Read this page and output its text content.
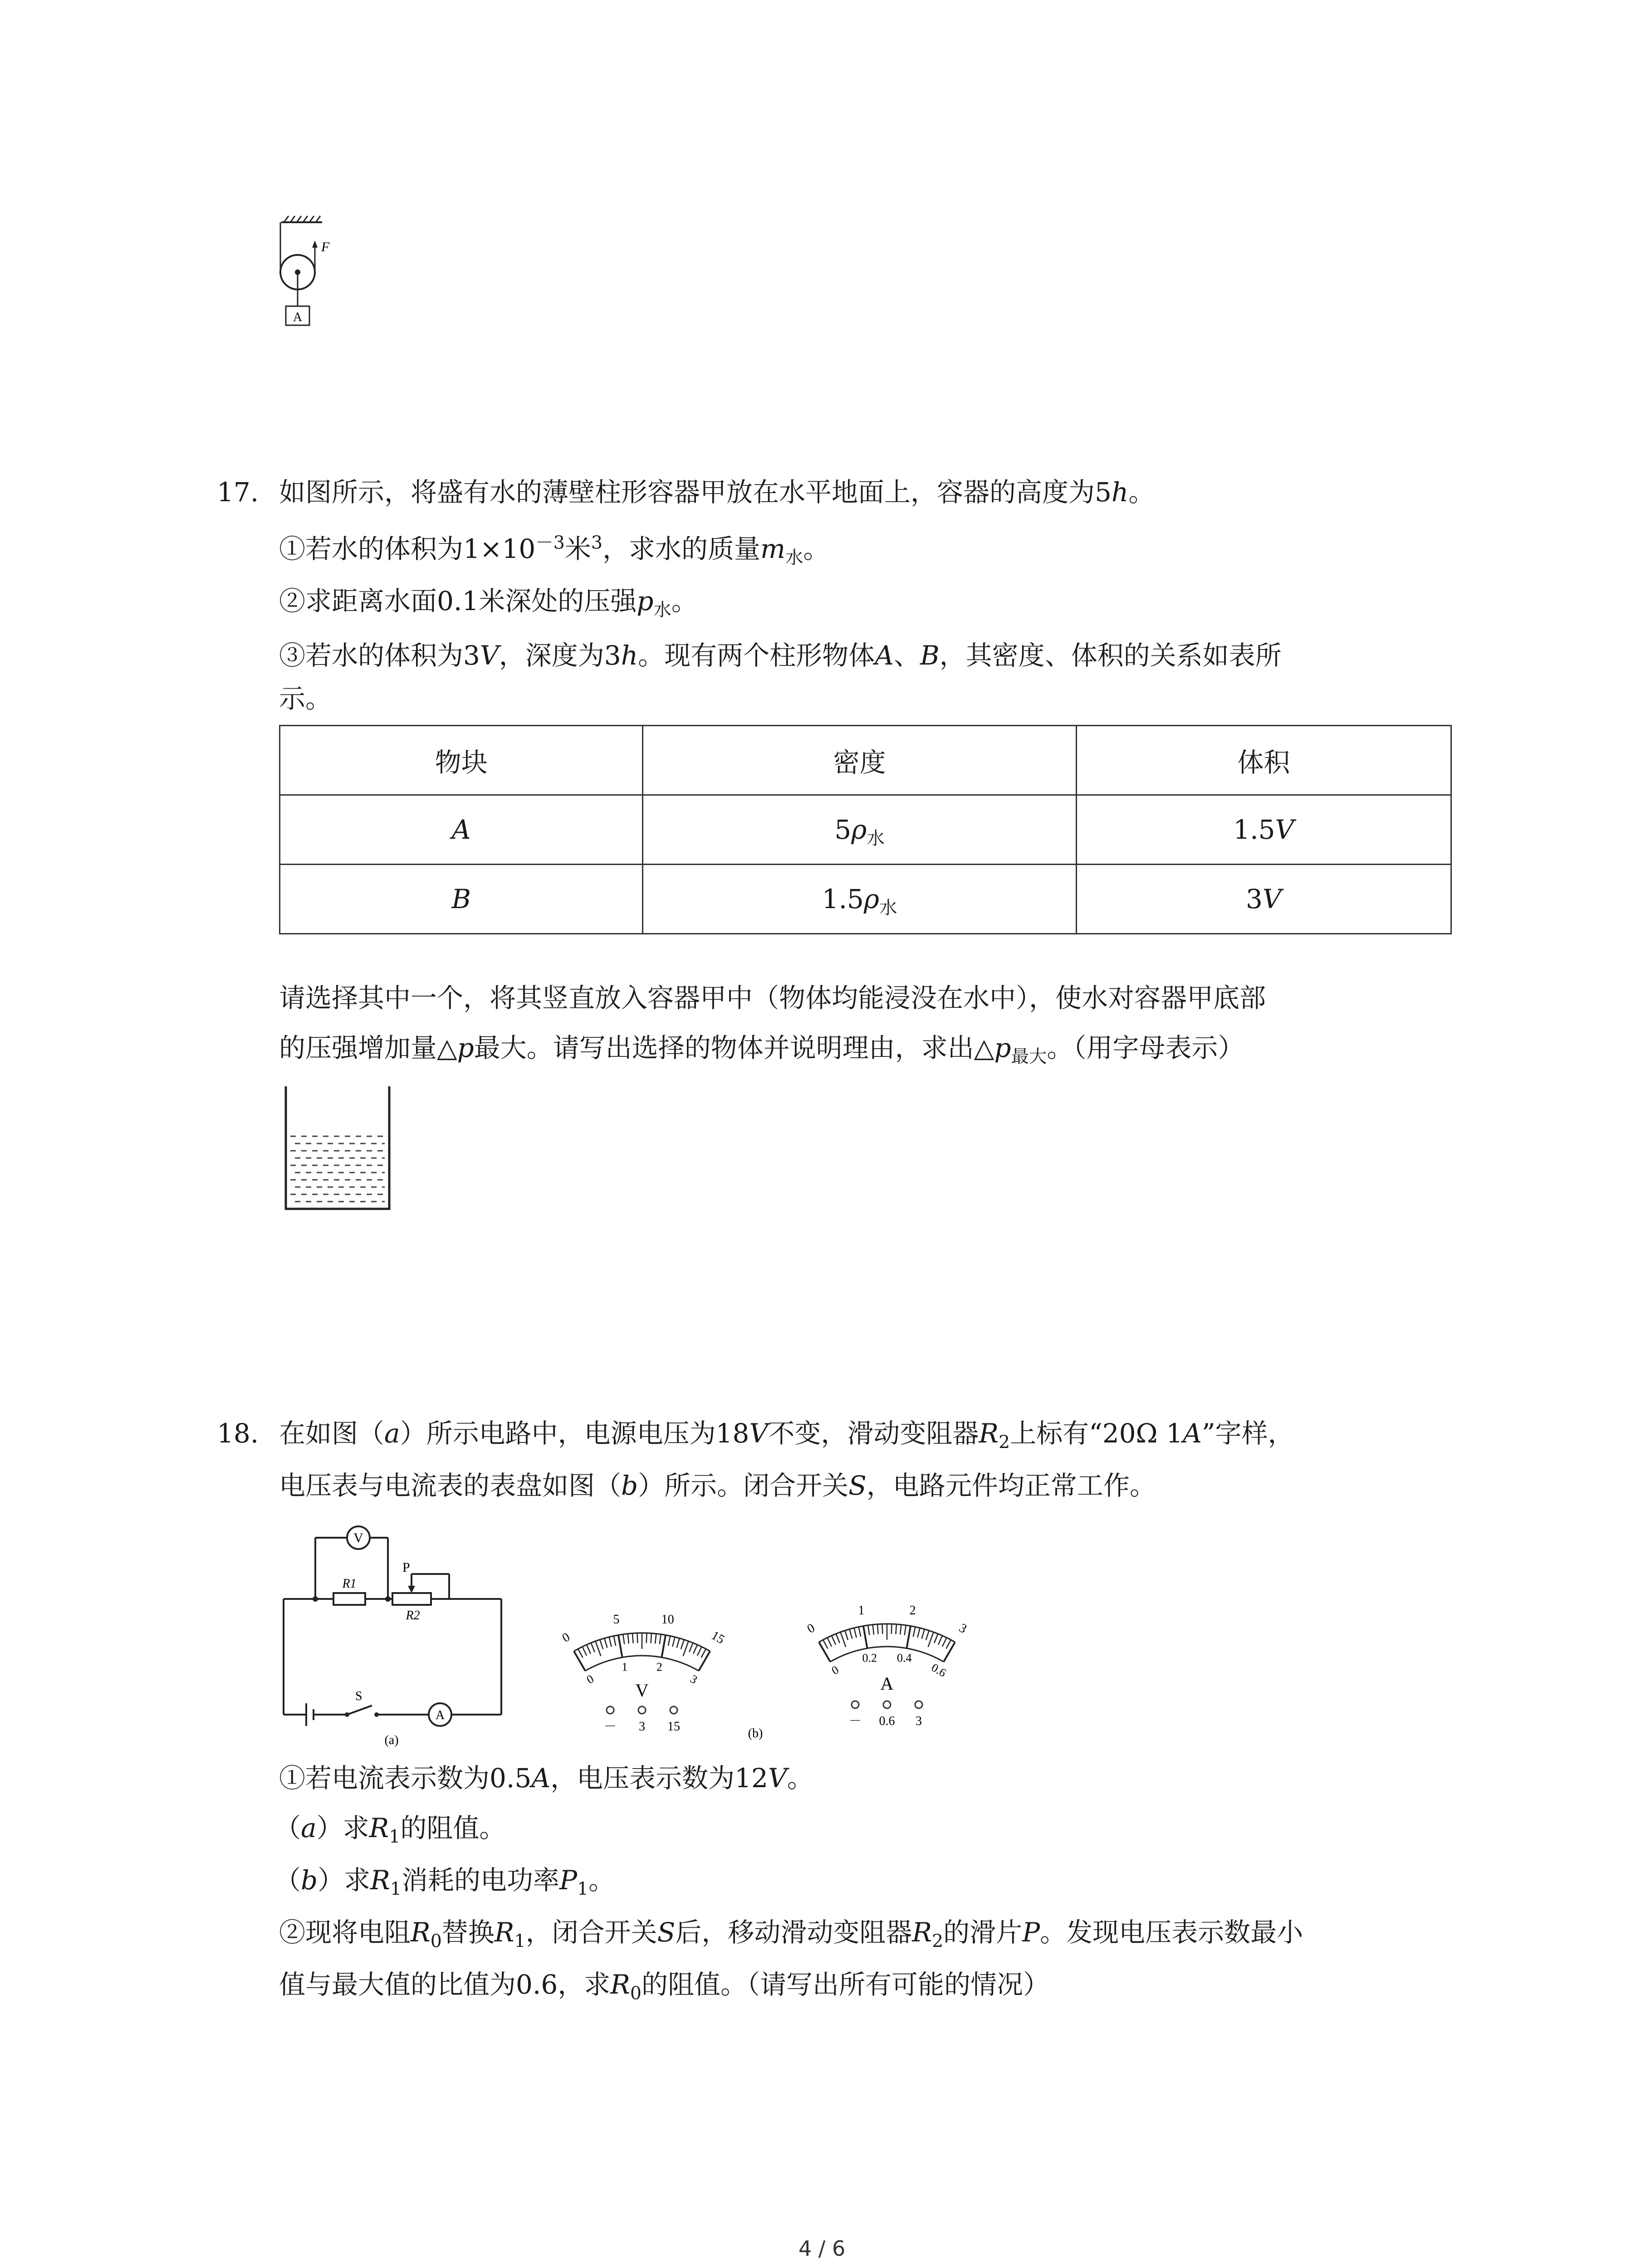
F
A
17. 如图所示，将盛有水的薄壁柱形容器甲放在水平地面上，容器的高度为5h。
①若水的体积为$1\times 10^{-3}$米$^3$，求水的质量$m_水$。
②求距离水面0.1米深处的压强$p_水$。
③若水的体积为3V，深度为3h。现有两个柱形物体A、B，其密度、体积的关系如表所
示。
物块	密度	体积
A	$5\rho_水$	1.5V
B	$1.5\rho_水$	3V
请选择其中一个，将其竖直放入容器甲中（物体均能浸没在水中），使水对容器甲底部
的压强增加量△p最大。请写出选择的物体并说明理由，求出$\triangle p_{最大}$。（用字母表示）
18. 在如图（a）所示电路中，电源电压为18V不变，滑动变阻器$R_2$上标有“20Ω 1A”字样，
电压表与电流表的表盘如图（b）所示。闭合开关S，电路元件均正常工作。
V
A
R1
R2
P
S
(a)
0
5	10
15
0
1 2
3
0
1	2
3
0
0.2 0.4
0.6
V	A
－ 3 15	－ 0.6 3
(b)
①若电流表示数为0.5A，电压表示数为12V。
（a）求$R_1$的阻值。
（b）求$R_1$消耗的电功率$P_1$。
②现将电阻$R_0$替换$R_1$，闭合开关S后，移动滑动变阻器$R_2$的滑片P。发现电压表示数最小
值与最大值的比值为0.6，求$R_0$的阻值。（请写出所有可能的情况）
4 / 6
